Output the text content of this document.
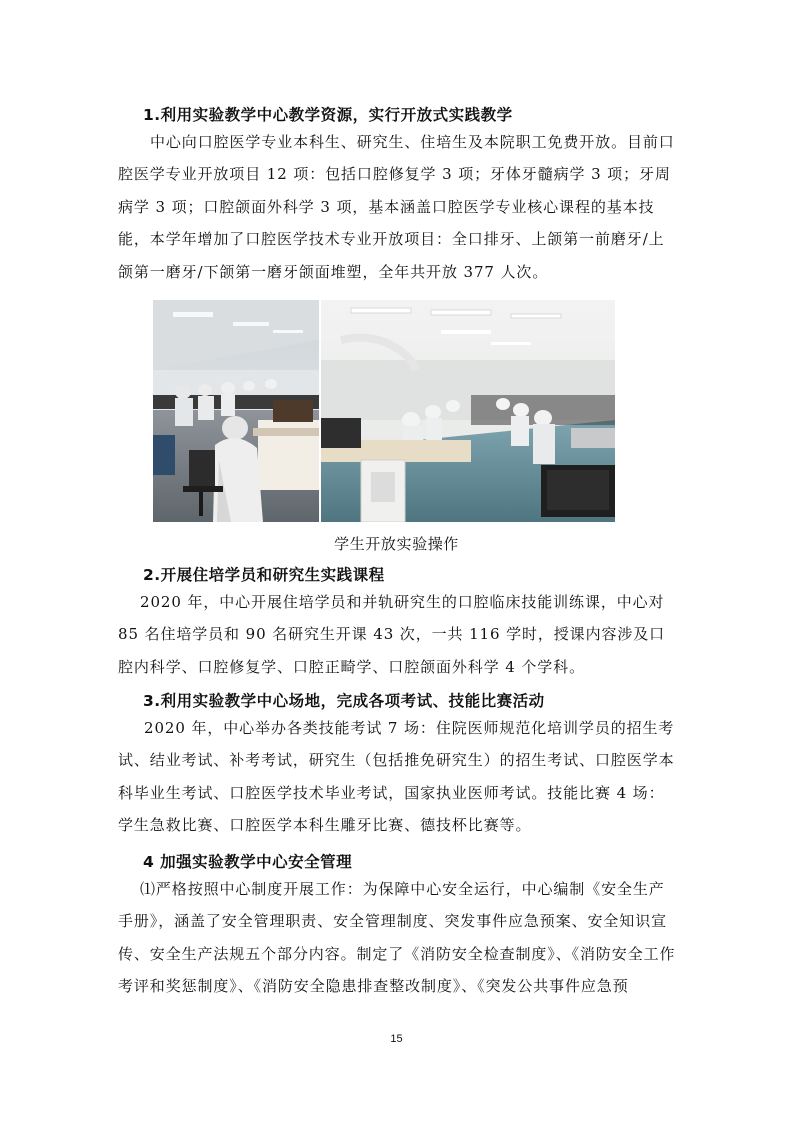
1.利用实验教学中心教学资源，实行开放式实践教学

中心向口腔医学专业本科生、研究生、住培生及本院职工免费开放。目前口腔医学专业开放项目 12 项：包括口腔修复学 3 项；牙体牙髓病学 3 项；牙周病学 3 项；口腔颌面外科学 3 项，基本涵盖口腔医学专业核心课程的基本技能，本学年增加了口腔医学技术专业开放项目：全口排牙、上颌第一前磨牙/上颌第一磨牙/下颌第一磨牙颌面堆塑，全年共开放 377 人次。

学生开放实验操作
2.开展住培学员和研究生实践课程

2020 年，中心开展住培学员和并轨研究生的口腔临床技能训练课，中心对 85 名住培学员和 90 名研究生开课 43 次，一共 116 学时，授课内容涉及口腔内科学、口腔修复学、口腔正畸学、口腔颌面外科学 4 个学科。

3.利用实验教学中心场地，完成各项考试、技能比赛活动

2020 年，中心举办各类技能考试 7 场：住院医师规范化培训学员的招生考试、结业考试、补考考试，研究生（包括推免研究生）的招生考试、口腔医学本科毕业生考试、口腔医学技术毕业考试，国家执业医师考试。技能比赛 4 场：学生急救比赛、口腔医学本科生雕牙比赛、德技杯比赛等。

4 加强实验教学中心安全管理

⑴严格按照中心制度开展工作：为保障中心安全运行，中心编制《安全生产手册》，涵盖了安全管理职责、安全管理制度、突发事件应急预案、安全知识宣传、安全生产法规五个部分内容。制定了《消防安全检查制度》、《消防安全工作考评和奖惩制度》、《消防安全隐患排查整改制度》、《突发公共事件应急预

15
